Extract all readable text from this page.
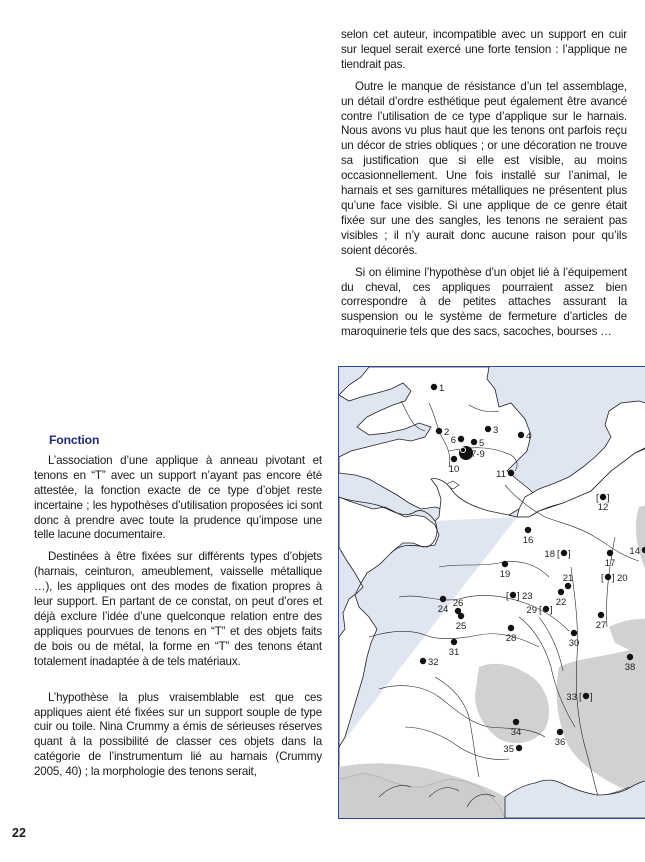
selon cet auteur, incompatible avec un support en cuir sur lequel serait exercé une forte tension : l’applique ne tiendrait pas.

Outre le manque de résistance d’un tel assemblage, un détail d’ordre esthétique peut également être avancé contre l’utilisation de ce type d’applique sur le harnais. Nous avons vu plus haut que les tenons ont parfois reçu un décor de stries obliques ; or une décoration ne trouve sa justification que si elle est visible, au moins occasionnellement. Une fois installé sur l’animal, le harnais et ses garnitures métalliques ne présentent plus qu’une face visible. Si une applique de ce genre était fixée sur une des sangles, les tenons ne seraient pas visibles ; il n’y aurait donc aucune raison pour qu’ils soient décorés.

Si on élimine l’hypothèse d’un objet lié à l’équipement du cheval, ces appliques pourraient assez bien correspondre à de petites attaches assurant la suspension ou le système de fermeture d’articles de maroquinerie tels que des sacs, sacoches, bourses …

1
2	3
4
5
6
7-9
10	11
[ ]
12
14
16
17
[ ]
18
19	[ ] 20
21
22
[ ] 23
24
25
26
27
28
[ ]
29
30
31
32
[ ]
33
34
35
36
38
Fonction

L’association d’une applique à anneau pivotant et tenons en “T” avec un support n’ayant pas encore été attestée, la fonction exacte de ce type d’objet reste incertaine ; les hypothèses d’utilisation proposées ici sont donc à prendre avec toute la prudence qu’impose une telle lacune documentaire.

Destinées à être fixées sur différents types d’objets (harnais, ceinturon, ameublement, vaisselle métallique …), les appliques ont des modes de fixation propres à leur support. En partant de ce constat, on peut d’ores et déjà exclure l’idée d’une quelconque relation entre des appliques pourvues de tenons en “T” et des objets faits de bois ou de métal, la forme en “T” des tenons étant totalement inadaptée à de tels matériaux.

L’hypothèse la plus vraisemblable est que ces appliques aient été fixées sur un support souple de type cuir ou toile. Nina Crummy a émis de sérieuses réserves quant à la possibilité de classer ces objets dans la catégorie de l’instrumentum lié au harnais (Crummy 2005, 40) ; la morphologie des tenons serait,

22
